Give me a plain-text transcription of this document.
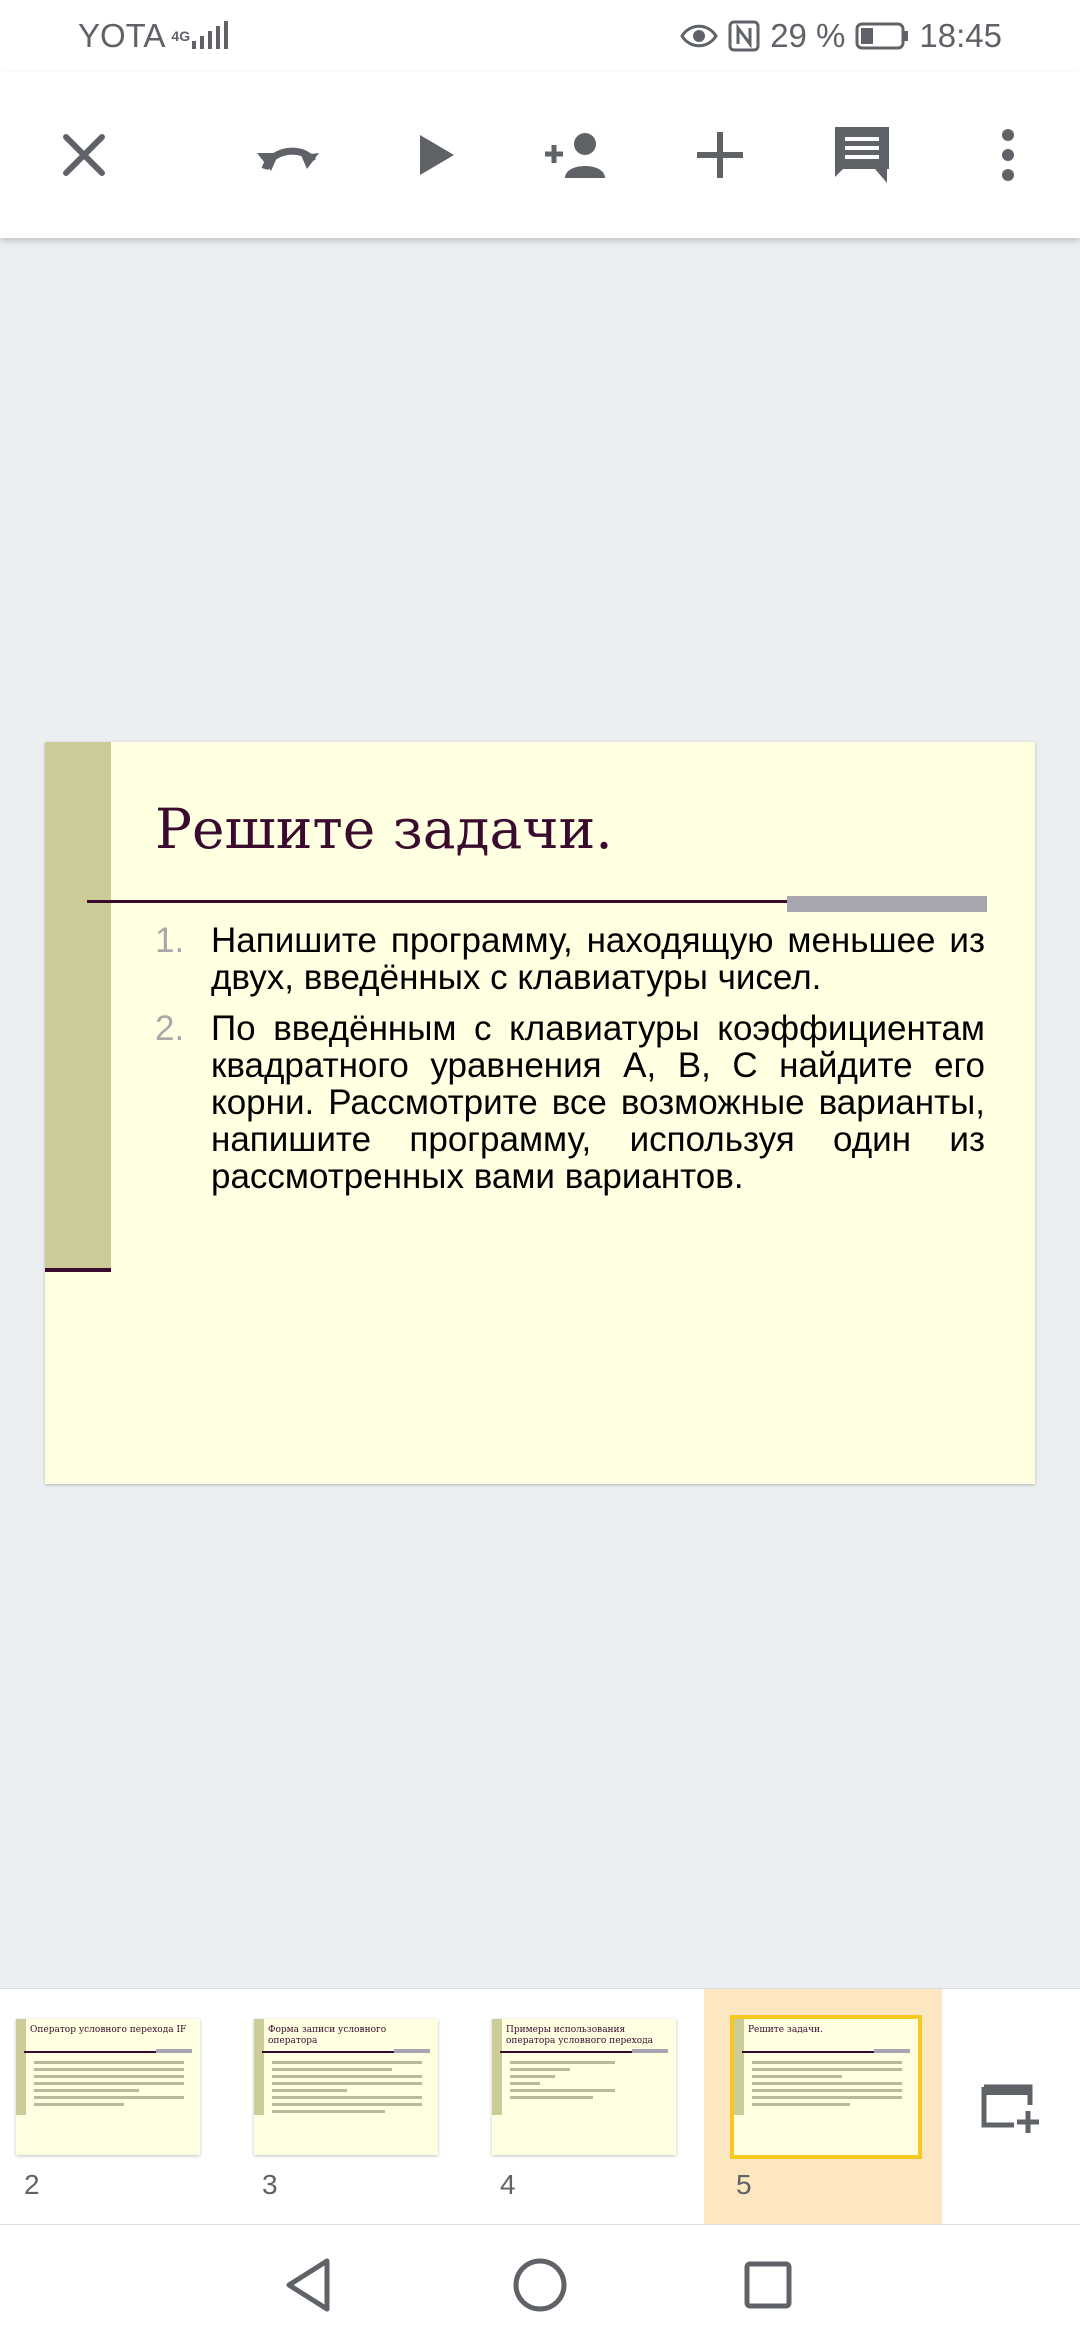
YOTA 4G	29 % 18:45
Решите задачи.
1. Напишите программу, находящую меньшее из двух, введённых с клавиатуры чисел.
2. По введённым с клавиатуры коэффициентам квадратного уравнения А, В, С найдите его корни. Рассмотрите все возможные варианты, напишите программу, используя один из рассмотренных вами вариантов.
Оператор условного перехода IF
2
Форма записи условного оператора
3
Примеры использования оператора условного перехода
4
Решите задачи.
5
